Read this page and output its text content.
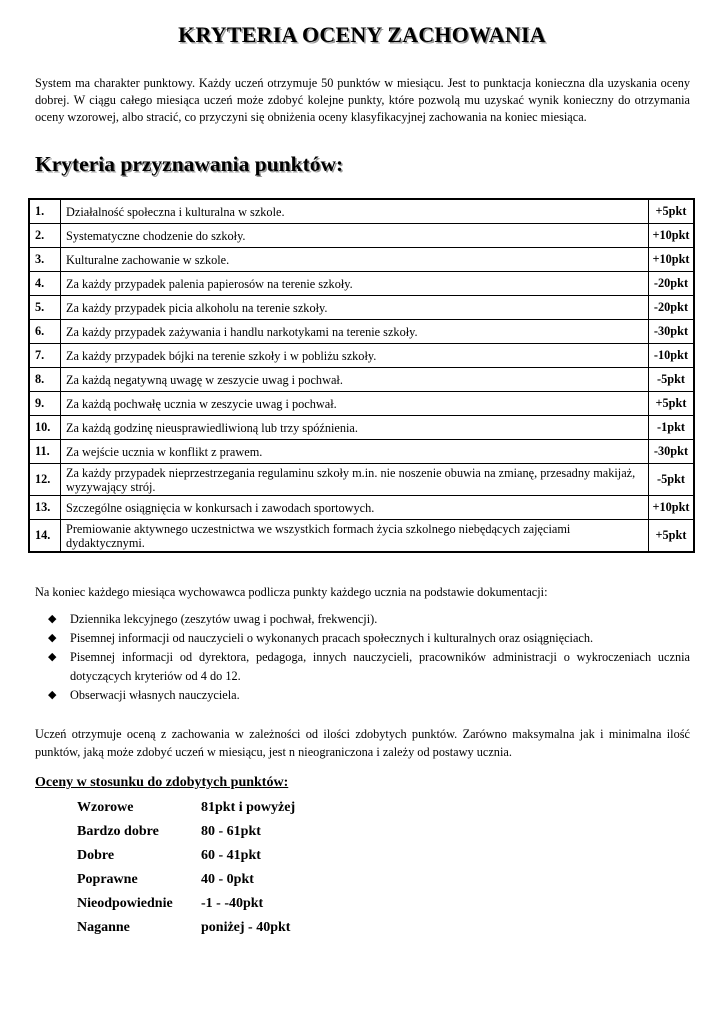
KRYTERIA OCENY ZACHOWANIA

System ma charakter punktowy. Każdy uczeń otrzymuje 50 punktów w miesiącu. Jest to punktacja konieczna dla uzyskania oceny dobrej. W ciągu całego miesiąca uczeń może zdobyć kolejne punkty, które pozwolą mu uzyskać wynik konieczny do otrzymania oceny wzorowej, albo stracić, co przyczyni się obniżenia oceny klasyfikacyjnej zachowania na koniec miesiąca.

Kryteria przyznawania punktów:
1.	Działalność społeczna i kulturalna w szkole.	+5pkt
2.	Systematyczne chodzenie do szkoły.	+10pkt
3.	Kulturalne zachowanie w szkole.	+10pkt
4.	Za każdy przypadek palenia papierosów na terenie szkoły.	-20pkt
5.	Za każdy przypadek picia alkoholu na terenie szkoły.	-20pkt
6.	Za każdy przypadek zażywania i handlu narkotykami na terenie szkoły.	-30pkt
7.	Za każdy przypadek bójki na terenie szkoły i w pobliżu szkoły.	-10pkt
8.	Za każdą negatywną uwagę w zeszycie uwag i pochwał.	-5pkt
9.	Za każdą pochwałę ucznia w zeszycie uwag i pochwał.	+5pkt
10.	Za każdą godzinę nieusprawiedliwioną lub trzy spóźnienia.	-1pkt
11.	Za wejście ucznia w konflikt z prawem.	-30pkt
12.	Za każdy przypadek nieprzestrzegania regulaminu szkoły m.in. nie noszenie obuwia na zmianę, przesadny makijaż, wyzywający strój.	-5pkt
13.	Szczególne osiągnięcia w konkursach i zawodach sportowych.	+10pkt
14.	Premiowanie aktywnego uczestnictwa we wszystkich formach życia szkolnego niebędących zajęciami dydaktycznymi.	+5pkt

Na koniec każdego miesiąca wychowawca podlicza punkty każdego ucznia na podstawie dokumentacji:

◆ Dziennika lekcyjnego (zeszytów uwag i pochwał, frekwencji).
◆ Pisemnej informacji od nauczycieli o wykonanych pracach społecznych i kulturalnych oraz osiągnięciach.
◆ Pisemnej informacji od dyrektora, pedagoga, innych nauczycieli, pracowników administracji o wykroczeniach ucznia dotyczących kryteriów od 4 do 12.
◆ Obserwacji własnych nauczyciela.

Uczeń otrzymuje oceną z zachowania w zależności od ilości zdobytych punktów. Zarówno maksymalna jak i minimalna ilość punktów, jaką może zdobyć uczeń w miesiącu, jest n nieograniczona i zależy od postawy ucznia.

Oceny w stosunku do zdobytych punktów:
Wzorowe	81pkt i powyżej
Bardzo dobre	80 - 61pkt
Dobre	60 - 41pkt
Poprawne	40 - 0pkt
Nieodpowiednie	-1 - -40pkt
Naganne	poniżej - 40pkt
